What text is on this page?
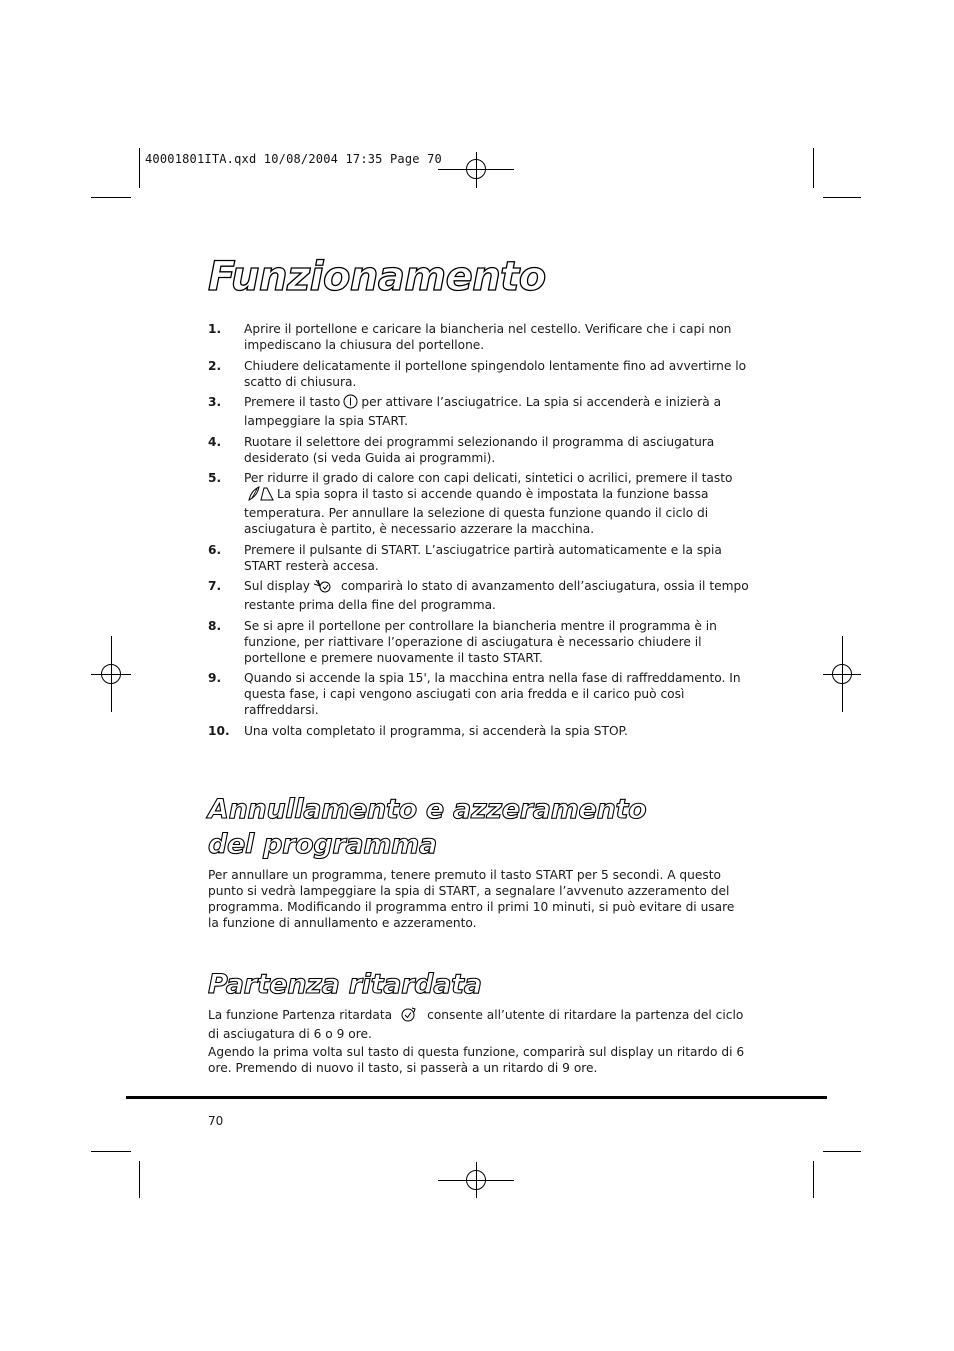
40001801ITA.qxd 10/08/2004 17:35 Page 70
Funzionamento
1. Aprire il portellone e caricare la biancheria nel cestello. Verificare che i capi non impediscano la chiusura del portellone.
2. Chiudere delicatamente il portellone spingendolo lentamente fino ad avvertirne lo scatto di chiusura.
3. Premere il tasto per attivare l’asciugatrice. La spia si accenderà e inizierà a lampeggiare la spia START.
4. Ruotare il selettore dei programmi selezionando il programma di asciugatura desiderato (si veda Guida ai programmi).
5. Per ridurre il grado di calore con capi delicati, sintetici o acrilici, premere il tastoLa spia sopra il tasto si accende quando è impostata la funzione bassa temperatura. Per annullare la selezione di questa funzione quando il ciclo di asciugatura è partito, è necessario azzerare la macchina.
6. Premere il pulsante di START. L’asciugatrice partirà automaticamente e la spia START resterà accesa.
7. Sul display	comparirà lo stato di avanzamento dell’asciugatura, ossia il tempo restante prima della fine del programma.
8. Se si apre il portellone per controllare la biancheria mentre il programma è in funzione, per riattivare l’operazione di asciugatura è necessario chiudere il portellone e premere nuovamente il tasto START.
9. Quando si accende la spia 15', la macchina entra nella fase di raffreddamento. In questa fase, i capi vengono asciugati con aria fredda e il carico può così raffreddarsi.
10. Una volta completato il programma, si accenderà la spia STOP.
Annullamento e azzeramento del programma

Per annullare un programma, tenere premuto il tasto START per 5 secondi. A questo punto si vedrà lampeggiare la spia di START, a segnalare l’avvenuto azzeramento del programma. Modificando il programma entro il primi 10 minuti, si può evitare di usare la funzione di annullamento e azzeramento.

Partenza ritardata

La funzione Partenza ritardata	consente all’utente di ritardare la partenza del ciclo di asciugatura di 6 o 9 ore.

Agendo la prima volta sul tasto di questa funzione, comparirà sul display un ritardo di 6 ore. Premendo di nuovo il tasto, si passerà a un ritardo di 9 ore.

70
